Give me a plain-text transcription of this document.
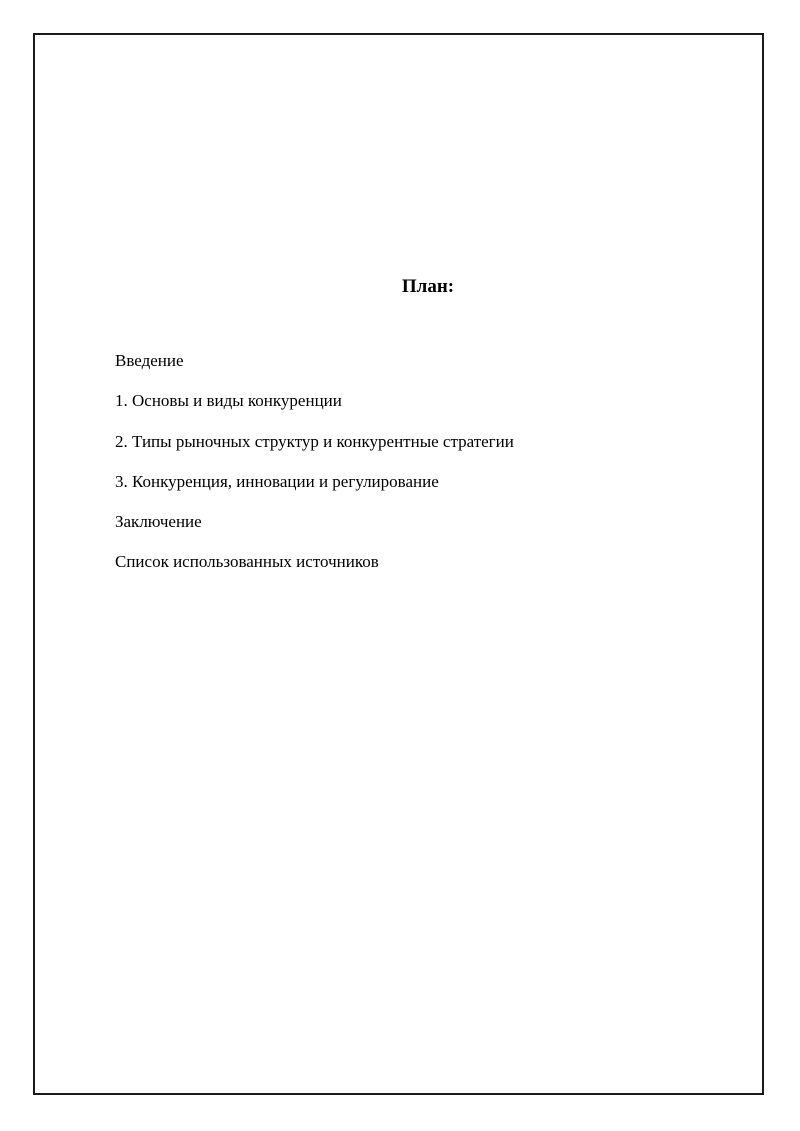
План:
Введение
1. Основы и виды конкуренции
2. Типы рыночных структур и конкурентные стратегии
3. Конкуренция, инновации и регулирование
Заключение
Список использованных источников
